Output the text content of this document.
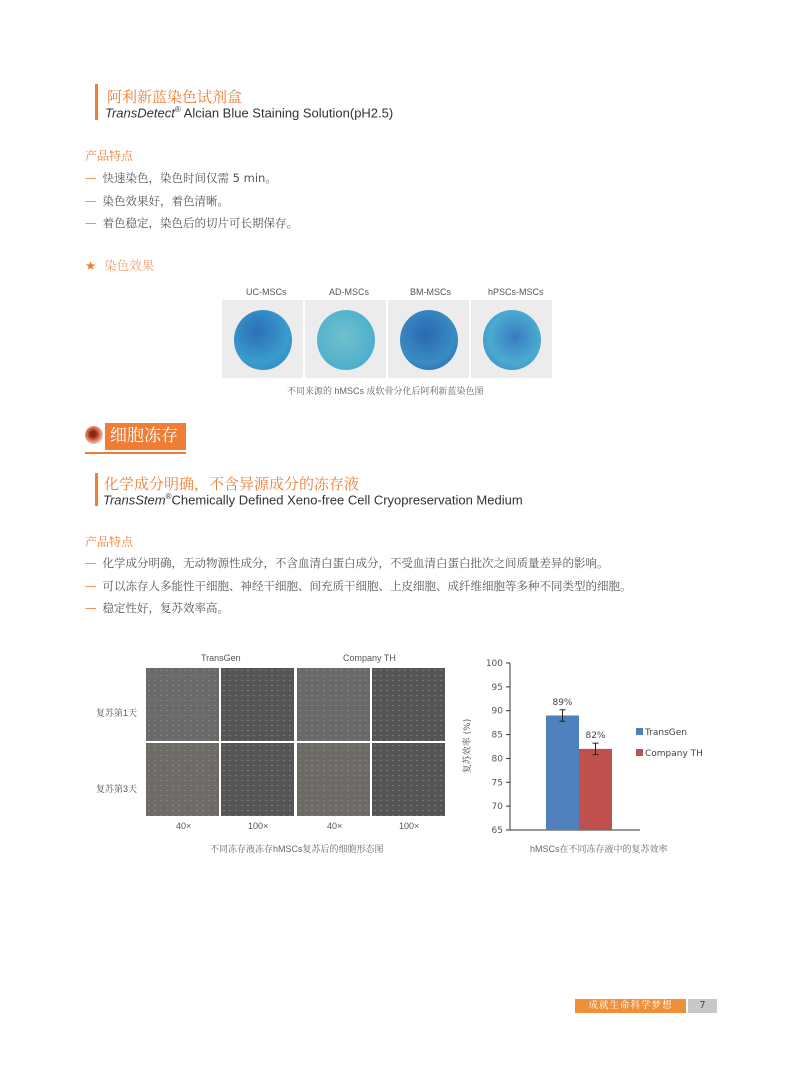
阿利新蓝染色试剂盒
TransDetect® Alcian Blue Staining Solution(pH2.5)
产品特点
— 快速染色，染色时间仅需 5 min。
— 染色效果好，着色清晰。
— 着色稳定，染色后的切片可长期保存。
★ 染色效果
UC-MSCs	AD-MSCs	BM-MSCs	hPSCs-MSCs
不同来源的 hMSCs 成软骨分化后阿利新蓝染色图
细胞冻存
化学成分明确，不含异源成分的冻存液
TransStem®Chemically Defined Xeno-free Cell Cryopreservation Medium
产品特点
— 化学成分明确，无动物源性成分，不含血清白蛋白成分，不受血清白蛋白批次之间质量差异的影响。
— 可以冻存人多能性干细胞、神经干细胞、间充质干细胞、上皮细胞、成纤维细胞等多种不同类型的细胞。
— 稳定性好，复苏效率高。
TransGen	Company TH
复苏第1天
复苏第3天
40×	100×	40×	100×
不同冻存液冻存hMSCs复苏后的细胞形态图
65
70
75
80
85
90
95
100
89%
82%	TransGen
Company TH
复苏效率 (%)
hMSCs在不同冻存液中的复苏效率
成就生命科学梦想	7
